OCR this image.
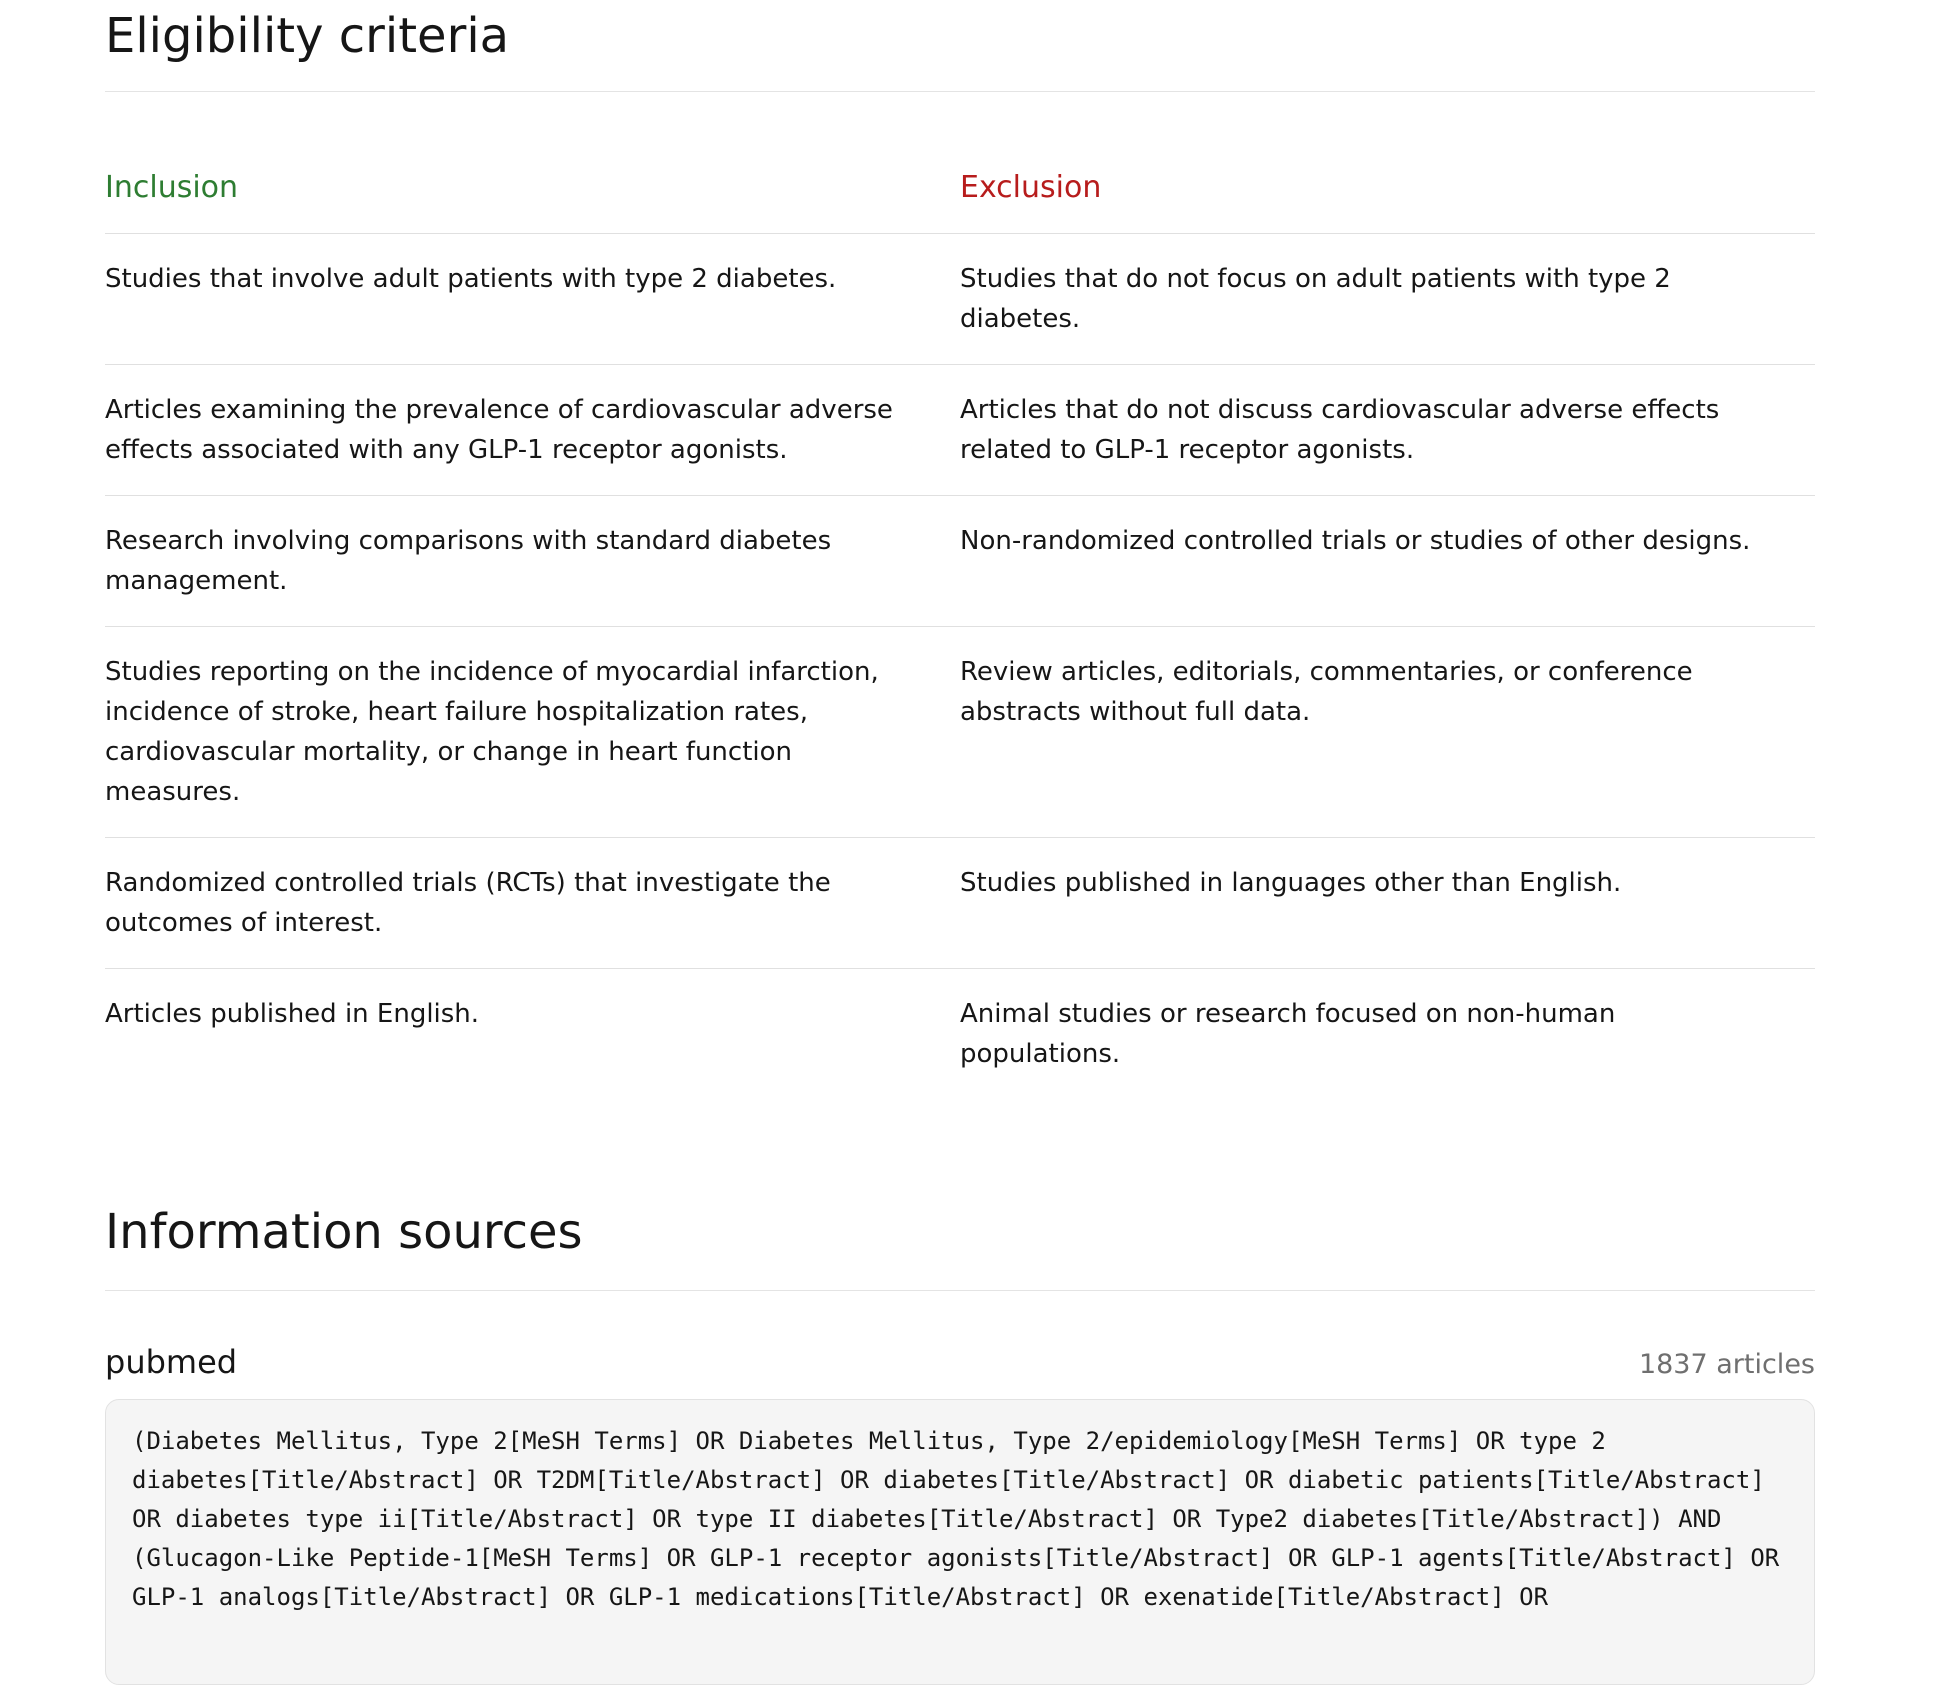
Eligibility criteria
Inclusion	Exclusion
Studies that involve adult patients with type 2 diabetes.	Studies that do not focus on adult patients with type 2 diabetes.
Articles examining the prevalence of cardiovascular adverse effects associated with any GLP-1 receptor agonists.	Articles that do not discuss cardiovascular adverse effects related to GLP-1 receptor agonists.
Research involving comparisons with standard diabetes management.	Non-randomized controlled trials or studies of other designs.
Studies reporting on the incidence of myocardial infarction, incidence of stroke, heart failure hospitalization rates, cardiovascular mortality, or change in heart function measures.	Review articles, editorials, commentaries, or conference abstracts without full data.
Randomized controlled trials (RCTs) that investigate the outcomes of interest.	Studies published in languages other than English.
Articles published in English.	Animal studies or research focused on non-human populations.
Information sources
pubmed	1837 articles
(Diabetes Mellitus, Type 2[MeSH Terms] OR Diabetes Mellitus, Type 2/epidemiology[MeSH Terms] OR type 2 diabetes[Title/Abstract] OR T2DM[Title/Abstract] OR diabetes[Title/Abstract] OR diabetic patients[Title/Abstract] OR diabetes type ii[Title/Abstract] OR type II diabetes[Title/Abstract] OR Type2 diabetes[Title/Abstract]) AND (Glucagon-Like Peptide-1[MeSH Terms] OR GLP-1 receptor agonists[Title/Abstract] OR GLP-1 agents[Title/Abstract] OR GLP-1 analogs[Title/Abstract] OR GLP-1 medications[Title/Abstract] OR exenatide[Title/Abstract] OR
